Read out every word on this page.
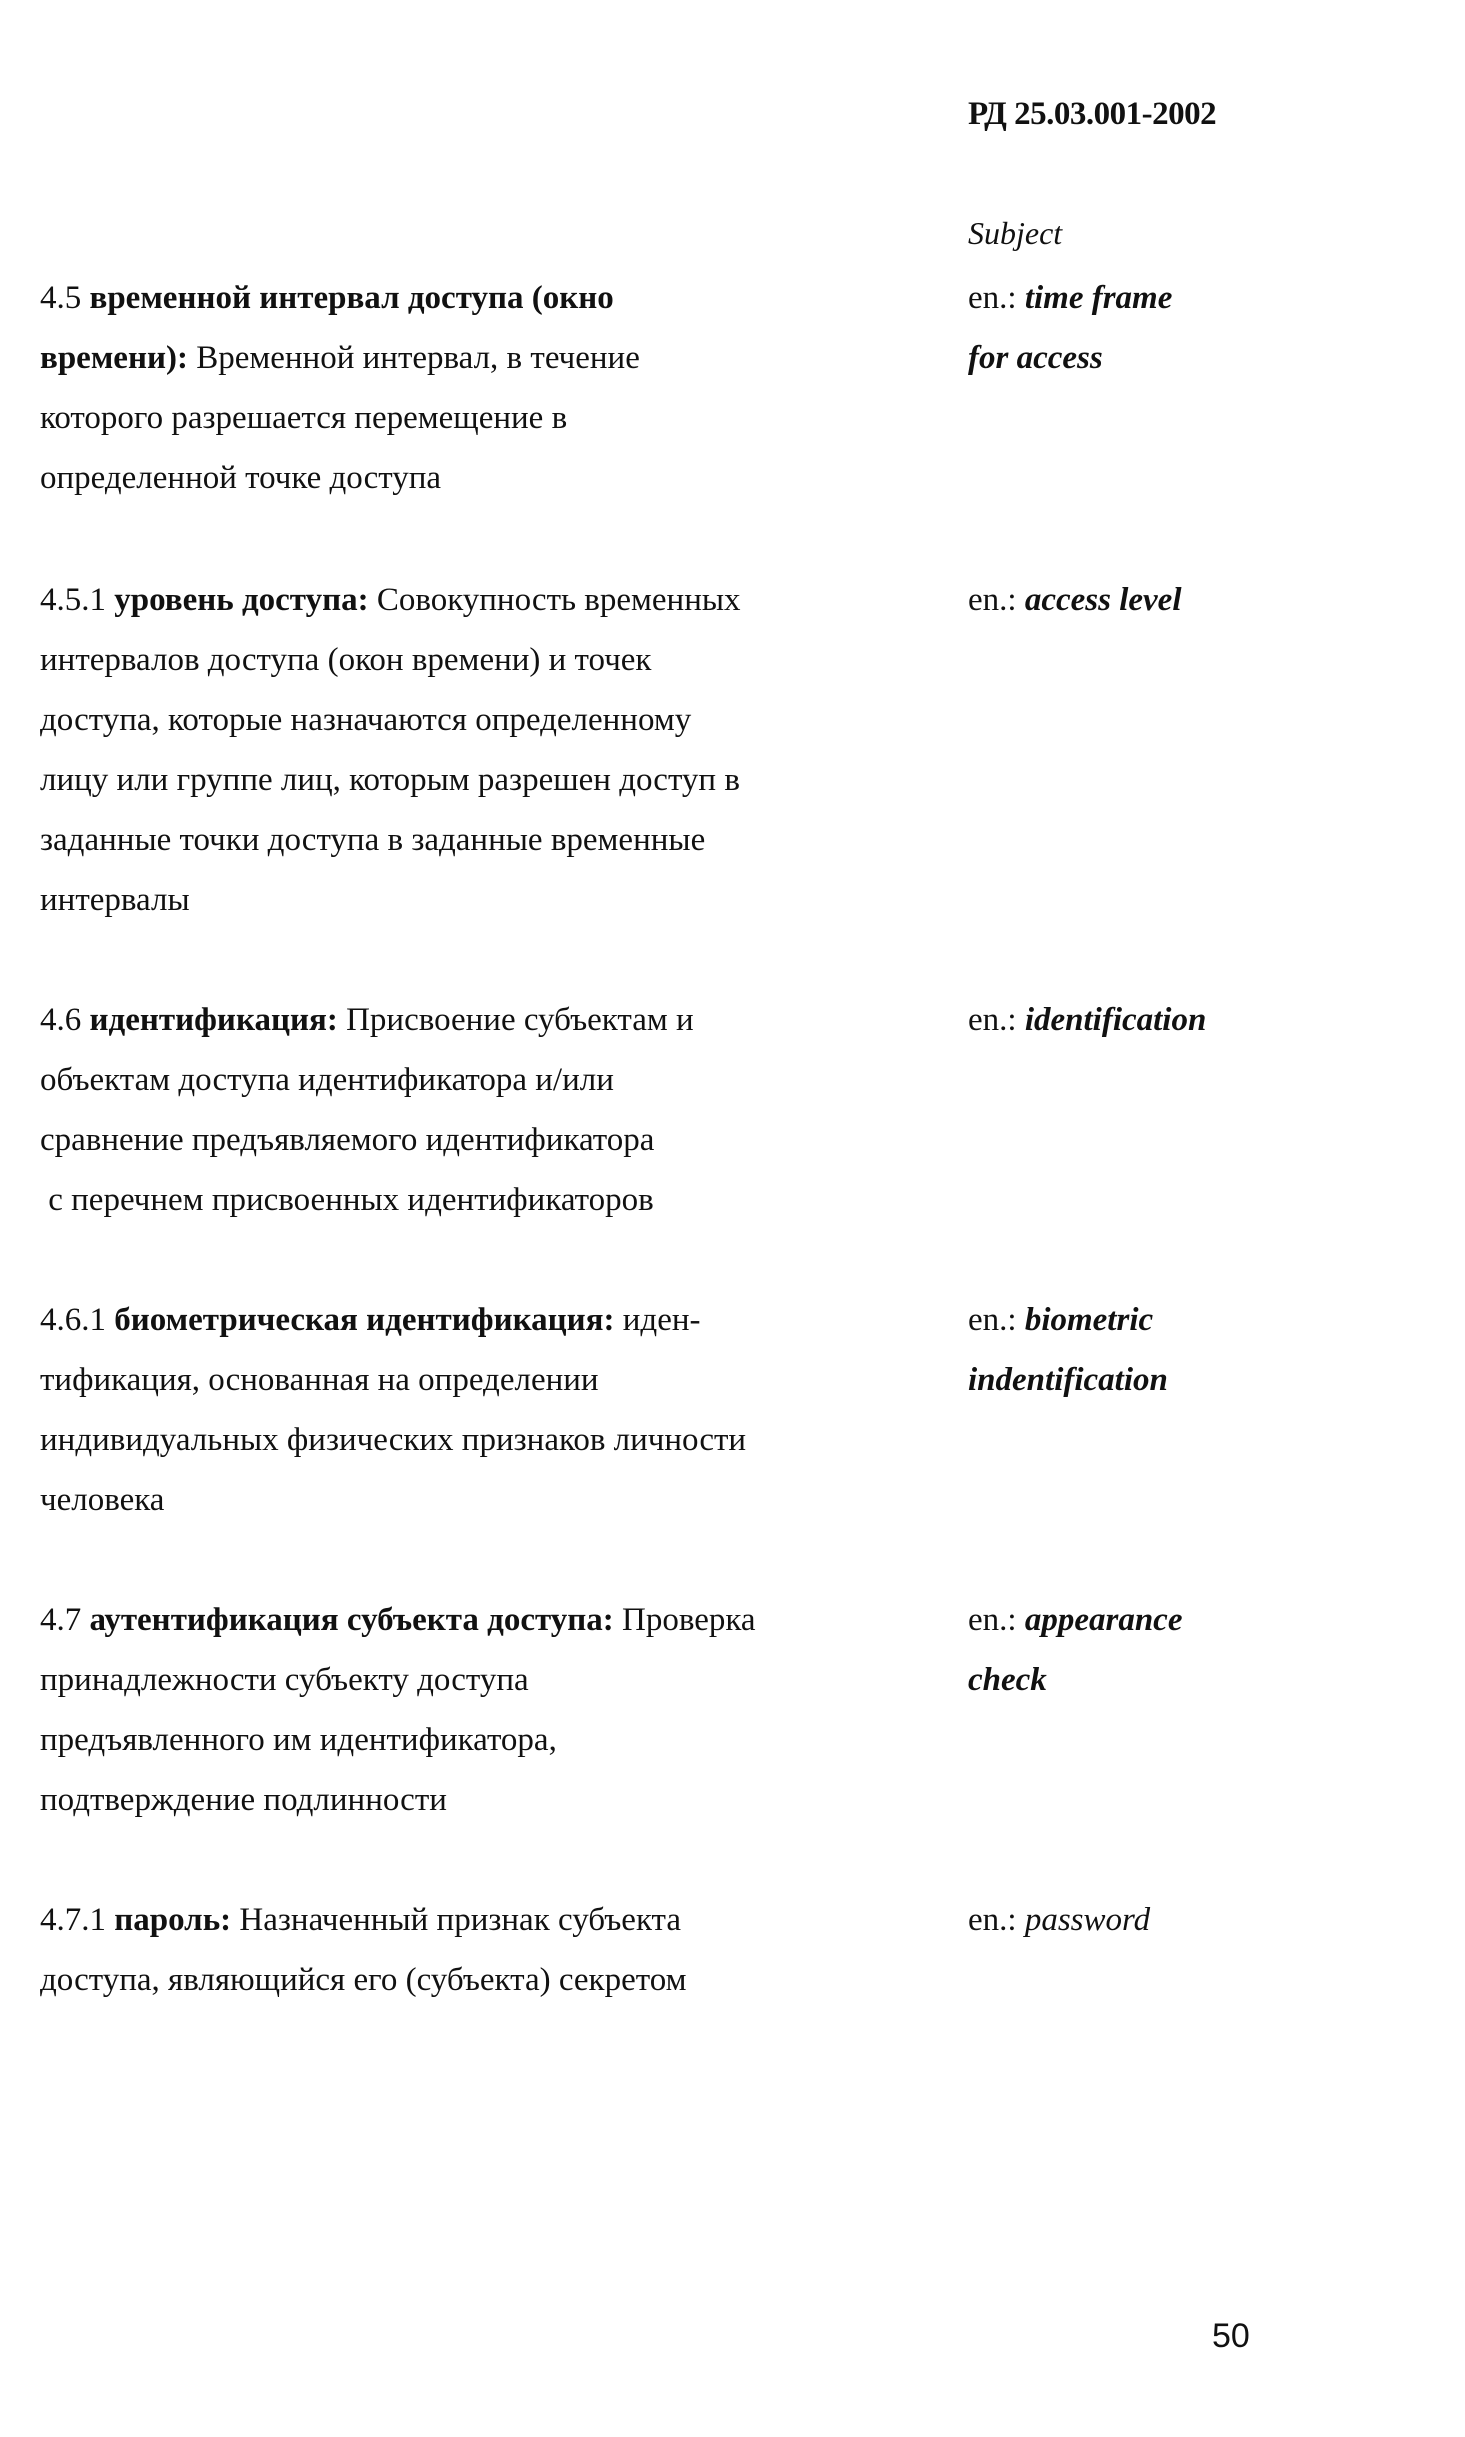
РД 25.03.001-2002
Subject
4.5 временной интервал доступа (окно
времени): Временной интервал, в течение
которого разрешается перемещение в
определенной точке доступа
en.: time frame
for access
4.5.1 уровень доступа: Совокупность временных
интервалов доступа (окон времени) и точек
доступа, которые назначаются определенному
лицу или группе лиц, которым разрешен доступ в
заданные точки доступа в заданные временные
интервалы
en.: access level
4.6 идентификация: Присвоение субъектам и
объектам доступа идентификатора и/или
сравнение предъявляемого идентификатора
с перечнем присвоенных идентификаторов
en.: identification
4.6.1 биометрическая идентификация: иден-
тификация, основанная на определении
индивидуальных физических признаков личности
человека
en.: biometric
indentification
4.7 аутентификация субъекта доступа: Проверка
принадлежности субъекту доступа
предъявленного им идентификатора,
подтверждение подлинности
en.: appearance
check
4.7.1 пароль: Назначенный признак субъекта
доступа, являющийся его (субъекта) секретом
en.: password
50
